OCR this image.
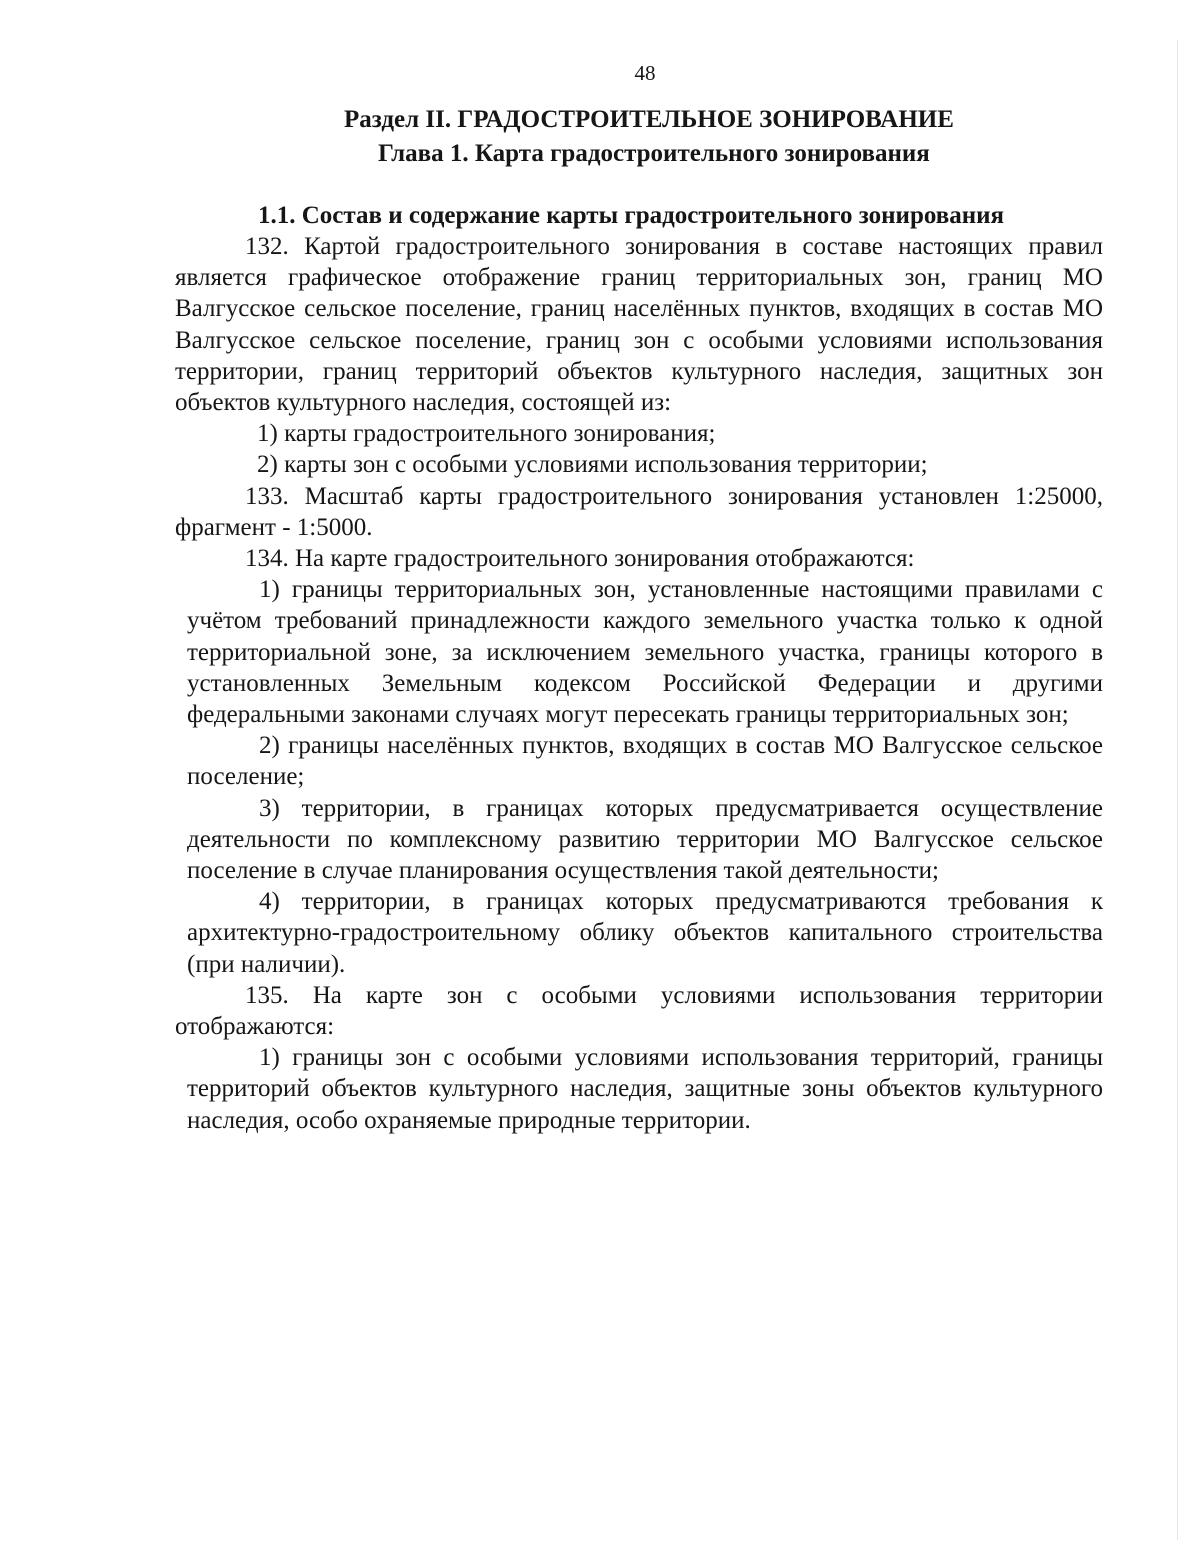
48
Раздел II. ГРАДОСТРОИТЕЛЬНОЕ ЗОНИРОВАНИЕ
Глава 1. Карта градостроительного зонирования
1.1. Состав и содержание карты градостроительного зонирования

132. Картой градостроительного зонирования в составе настоящих правил является графическое отображение границ территориальных зон, границ МО Валгусское сельское поселение, границ населённых пунктов, входящих в состав МО Валгусское сельское поселение, границ зон с особыми условиями использования территории, границ территорий объектов культурного наследия, защитных зон объектов культурного наследия, состоящей из:

1) карты градостроительного зонирования;

2) карты зон с особыми условиями использования территории;

133. Масштаб карты градостроительного зонирования установлен 1:25000, фрагмент - 1:5000.

134. На карте градостроительного зонирования отображаются:

1) границы территориальных зон, установленные настоящими правилами с учётом требований принадлежности каждого земельного участка только к одной территориальной зоне, за исключением земельного участка, границы которого в установленных Земельным кодексом Российской Федерации и другими федеральными законами случаях могут пересекать границы территориальных зон;

2) границы населённых пунктов, входящих в состав МО Валгусское сельское поселение;

3) территории, в границах которых предусматривается осуществление деятельности по комплексному развитию территории МО Валгусское сельское поселение в случае планирования осуществления такой деятельности;

4) территории, в границах которых предусматриваются требования к архитектурно-градостроительному облику объектов капитального строительства (при наличии).

135. На карте зон с особыми условиями использования территории отображаются:

1) границы зон с особыми условиями использования территорий, границы территорий объектов культурного наследия, защитные зоны объектов культурного наследия, особо охраняемые природные территории.
